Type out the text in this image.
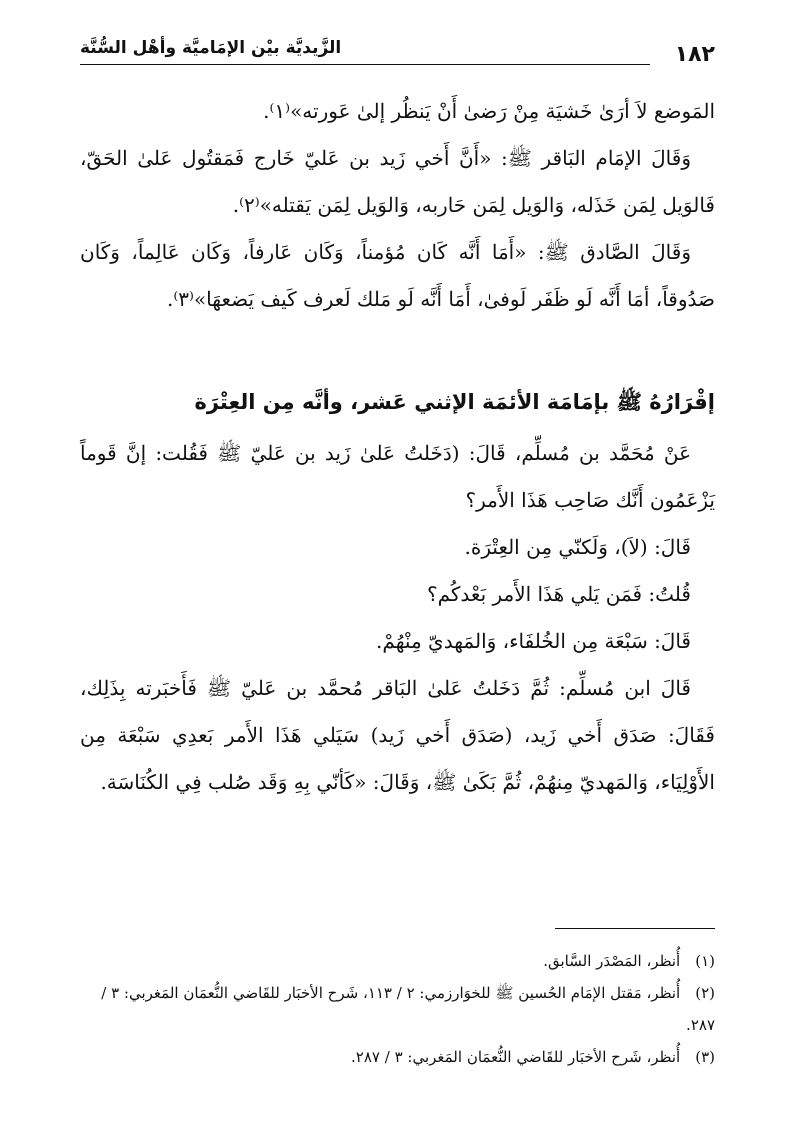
١٨٢
الزَّيديَّة بيْن الإمَاميَّة وأهْل السُّنَّة

المَوضع لاَ أرَىٰ خَشيَة مِنْ رَضىٰ أَنْ يَنظُر إلىٰ عَورته»⁽١⁾.

وَقَالَ الإمَام البَاقر ﷺ: «أَنَّ أَخي زَيد بن عَليّ خَارج فَمَقتُول عَلىٰ الحَقّ، فَالوَيل لِمَن خَذَله، وَالوَيل لِمَن حَاربه، وَالوَيل لِمَن يَقتله»⁽٢⁾.

وَقَالَ الصَّادق ﷺ: «أَمَا أَنَّه كَان مُؤمناً، وَكَان عَارفاً، وَكَان عَالِماً، وَكَان صَدُوقاً، أمَا أَنَّه لَو ظَفَر لَوفىٰ، أَمَا أَنَّه لَو مَلك لَعرف كَيف يَضعهَا»⁽٣⁾.

إقْرَارُهُ ﷺ بإمَامَة الأئمَة الإثني عَشر، وأنَّه مِن العِتْرَة

عَنْ مُحَمَّد بن مُسلِّم، قَالَ: (دَخَلتُ عَلىٰ زَيد بن عَليّ ﷺ فَقُلت: إنَّ قَوماً يَزْعَمُون أَنَّك صَاحِب هَذَا الأَمر؟

قَالَ: (لاَ)، وَلَكنّي مِن العِتْرَة.

قُلتُ: فَمَن يَلي هَذَا الأَمر بَعْدكُم؟

قَالَ: سَبْعَة مِن الخُلفَاء، وَالمَهديّ مِنْهُمْ.

قَالَ ابن مُسلِّم: ثُمَّ دَخَلتُ عَلىٰ البَاقر مُحمَّد بن عَليّ ﷺ فَأَخبَرته بِذَلِك، فَقَالَ: صَدَق أَخي زَيد، (صَدَق أَخي زَيد) سَيَلي هَذَا الأَمر بَعدِي سَبْعَة مِن الأَوْلِيَاء، وَالمَهديّ مِنهُمْ، ثُمَّ بَكَىٰ ﷺ، وَقَالَ: «كَأنّي بِهِ وَقَد صُلب فِي الكُنَاسَة.

(١) أُنظر، المَصْدَر السَّابق.

(٢) أُنظر، مَقتل الإمَام الحُسين ﷺ للخوَارزمي: ٢ / ١١٣، شَرح الأخبَار للقَاضي النُّعمَان المَغربي: ٣ / ٢٨٧.

(٣) أُنظر، شَرح الأخبَار للقَاضي النُّعمَان المَغربي: ٣ / ٢٨٧.
